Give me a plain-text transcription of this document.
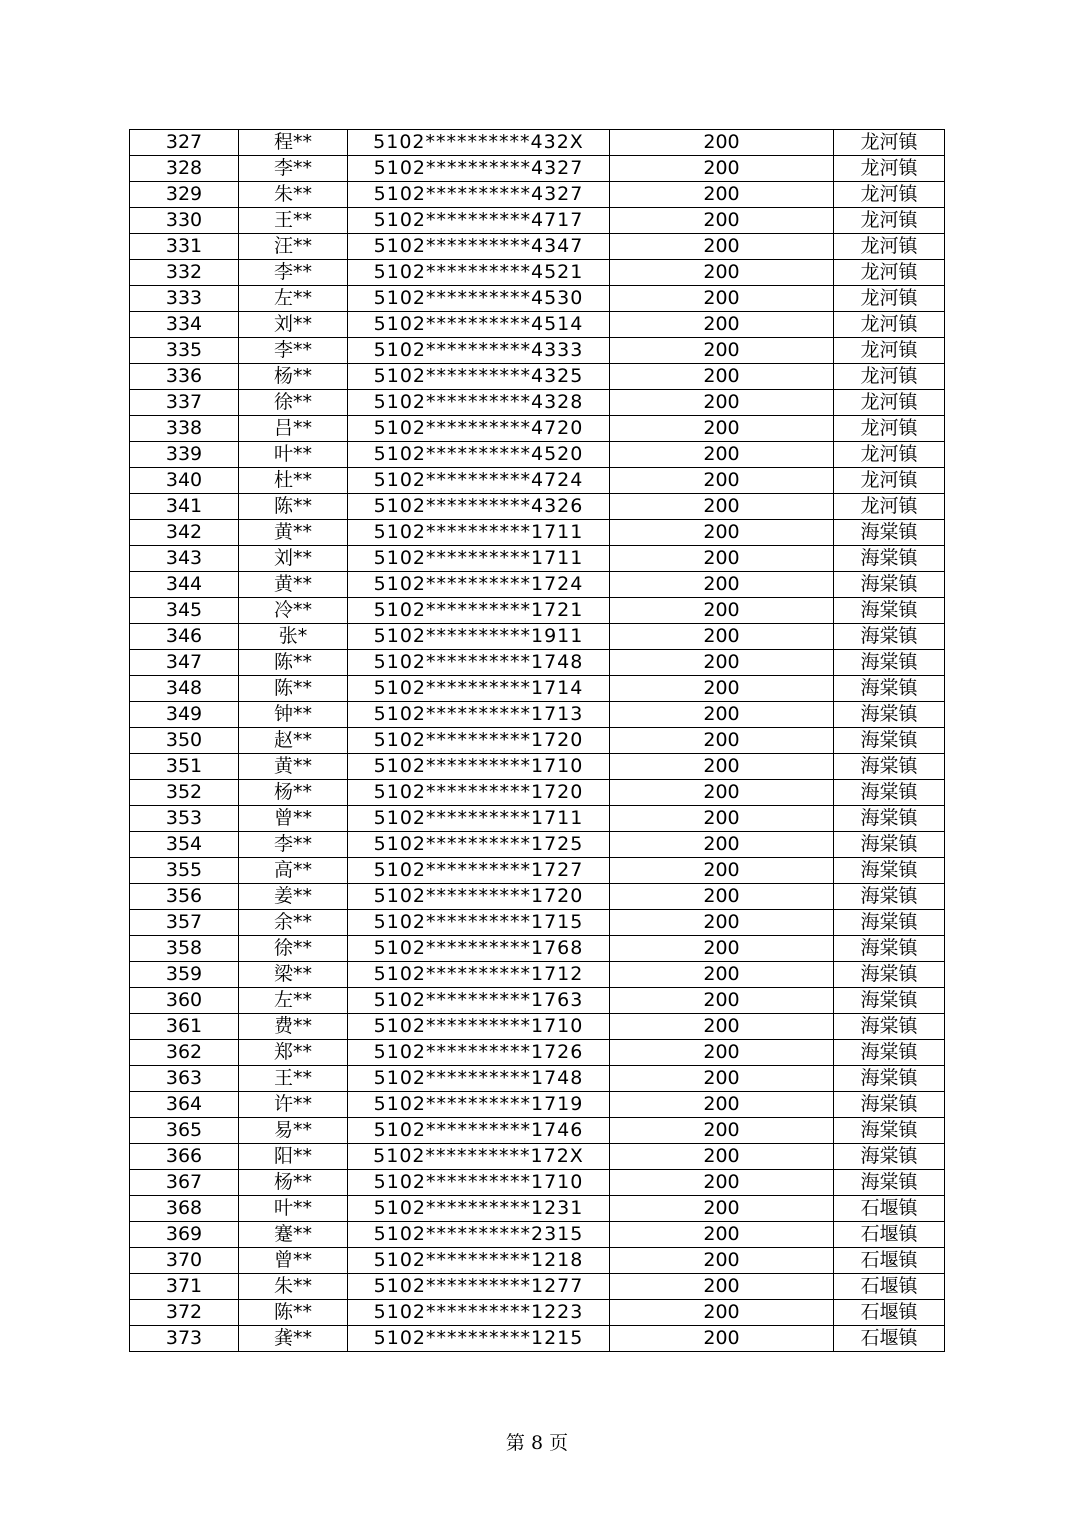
327	程**	5102**********432X	200	龙河镇
328	李**	5102**********4327	200	龙河镇
329	朱**	5102**********4327	200	龙河镇
330	王**	5102**********4717	200	龙河镇
331	汪**	5102**********4347	200	龙河镇
332	李**	5102**********4521	200	龙河镇
333	左**	5102**********4530	200	龙河镇
334	刘**	5102**********4514	200	龙河镇
335	李**	5102**********4333	200	龙河镇
336	杨**	5102**********4325	200	龙河镇
337	徐**	5102**********4328	200	龙河镇
338	吕**	5102**********4720	200	龙河镇
339	叶**	5102**********4520	200	龙河镇
340	杜**	5102**********4724	200	龙河镇
341	陈**	5102**********4326	200	龙河镇
342	黄**	5102**********1711	200	海棠镇
343	刘**	5102**********1711	200	海棠镇
344	黄**	5102**********1724	200	海棠镇
345	冷**	5102**********1721	200	海棠镇
346	张*	5102**********1911	200	海棠镇
347	陈**	5102**********1748	200	海棠镇
348	陈**	5102**********1714	200	海棠镇
349	钟**	5102**********1713	200	海棠镇
350	赵**	5102**********1720	200	海棠镇
351	黄**	5102**********1710	200	海棠镇
352	杨**	5102**********1720	200	海棠镇
353	曾**	5102**********1711	200	海棠镇
354	李**	5102**********1725	200	海棠镇
355	高**	5102**********1727	200	海棠镇
356	姜**	5102**********1720	200	海棠镇
357	余**	5102**********1715	200	海棠镇
358	徐**	5102**********1768	200	海棠镇
359	梁**	5102**********1712	200	海棠镇
360	左**	5102**********1763	200	海棠镇
361	费**	5102**********1710	200	海棠镇
362	郑**	5102**********1726	200	海棠镇
363	王**	5102**********1748	200	海棠镇
364	许**	5102**********1719	200	海棠镇
365	易**	5102**********1746	200	海棠镇
366	阳**	5102**********172X	200	海棠镇
367	杨**	5102**********1710	200	海棠镇
368	叶**	5102**********1231	200	石堰镇
369	蹇**	5102**********2315	200	石堰镇
370	曾**	5102**********1218	200	石堰镇
371	朱**	5102**********1277	200	石堰镇
372	陈**	5102**********1223	200	石堰镇
373	龚**	5102**********1215	200	石堰镇
第 8 页
